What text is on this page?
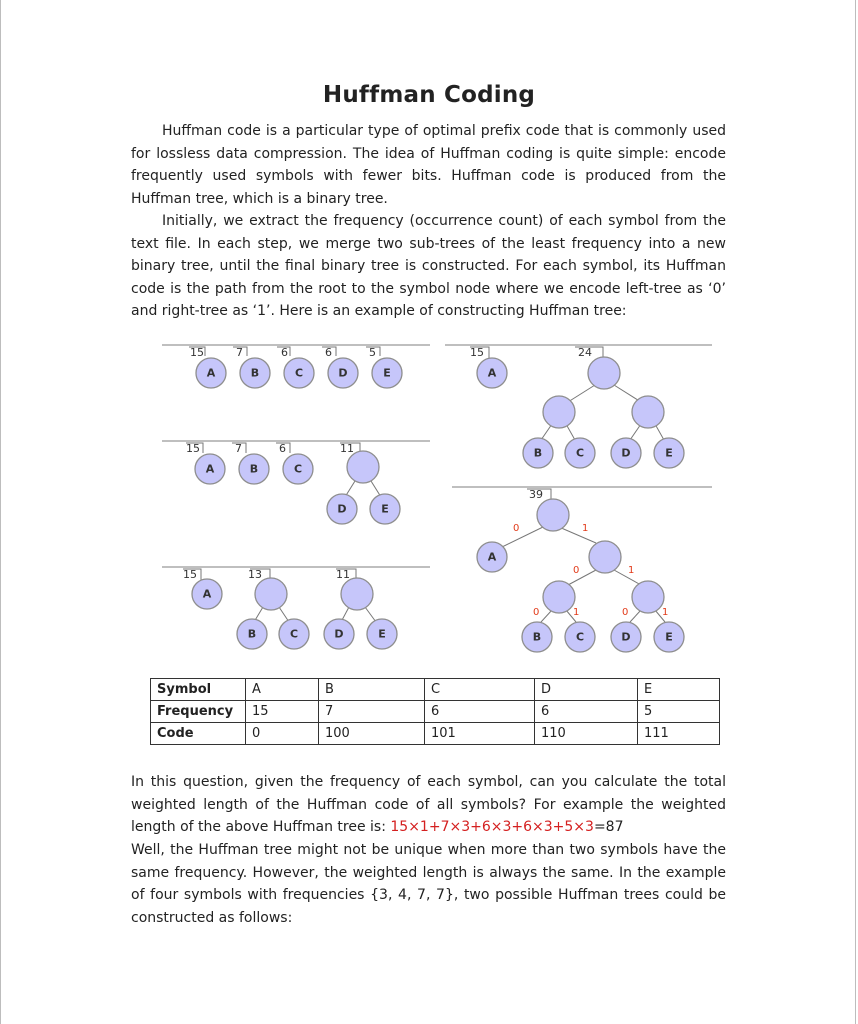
Huffman Coding

Huffman code is a particular type of optimal prefix code that is commonly used for lossless data compression. The idea of Huffman coding is quite simple: encode frequently used symbols with fewer bits. Huffman code is produced from the Huffman tree, which is a binary tree.

Initially, we extract the frequency (occurrence count) of each symbol from the text file. In each step, we merge two sub-trees of the least frequency into a new binary tree, until the final binary tree is constructed. For each symbol, its Huffman code is the path from the root to the symbol node where we encode left-tree as ‘0’ and right-tree as ‘1’. Here is an example of constructing Huffman tree:

15	7	6	6	5
A	B	C	D	E
15	7	6	11
A	B	C
D	E
15	13	11
A
B	C	D	E
15	24
A
B	C	D	E
39
0	1
A
0	1
0	1	0	1
B	C	D	E
Symbol	A	B	C	D	E
Frequency	15	7	6	6	5
Code	0	100	101	110	111

In this question, given the frequency of each symbol, can you calculate the total weighted length of the Huffman code of all symbols? For example the weighted length of the above Huffman tree is: 15×1+7×3+6×3+6×3+5×3=87

Well, the Huffman tree might not be unique when more than two symbols have the same frequency. However, the weighted length is always the same. In the example of four symbols with frequencies {3, 4, 7, 7}, two possible Huffman trees could be constructed as follows:
